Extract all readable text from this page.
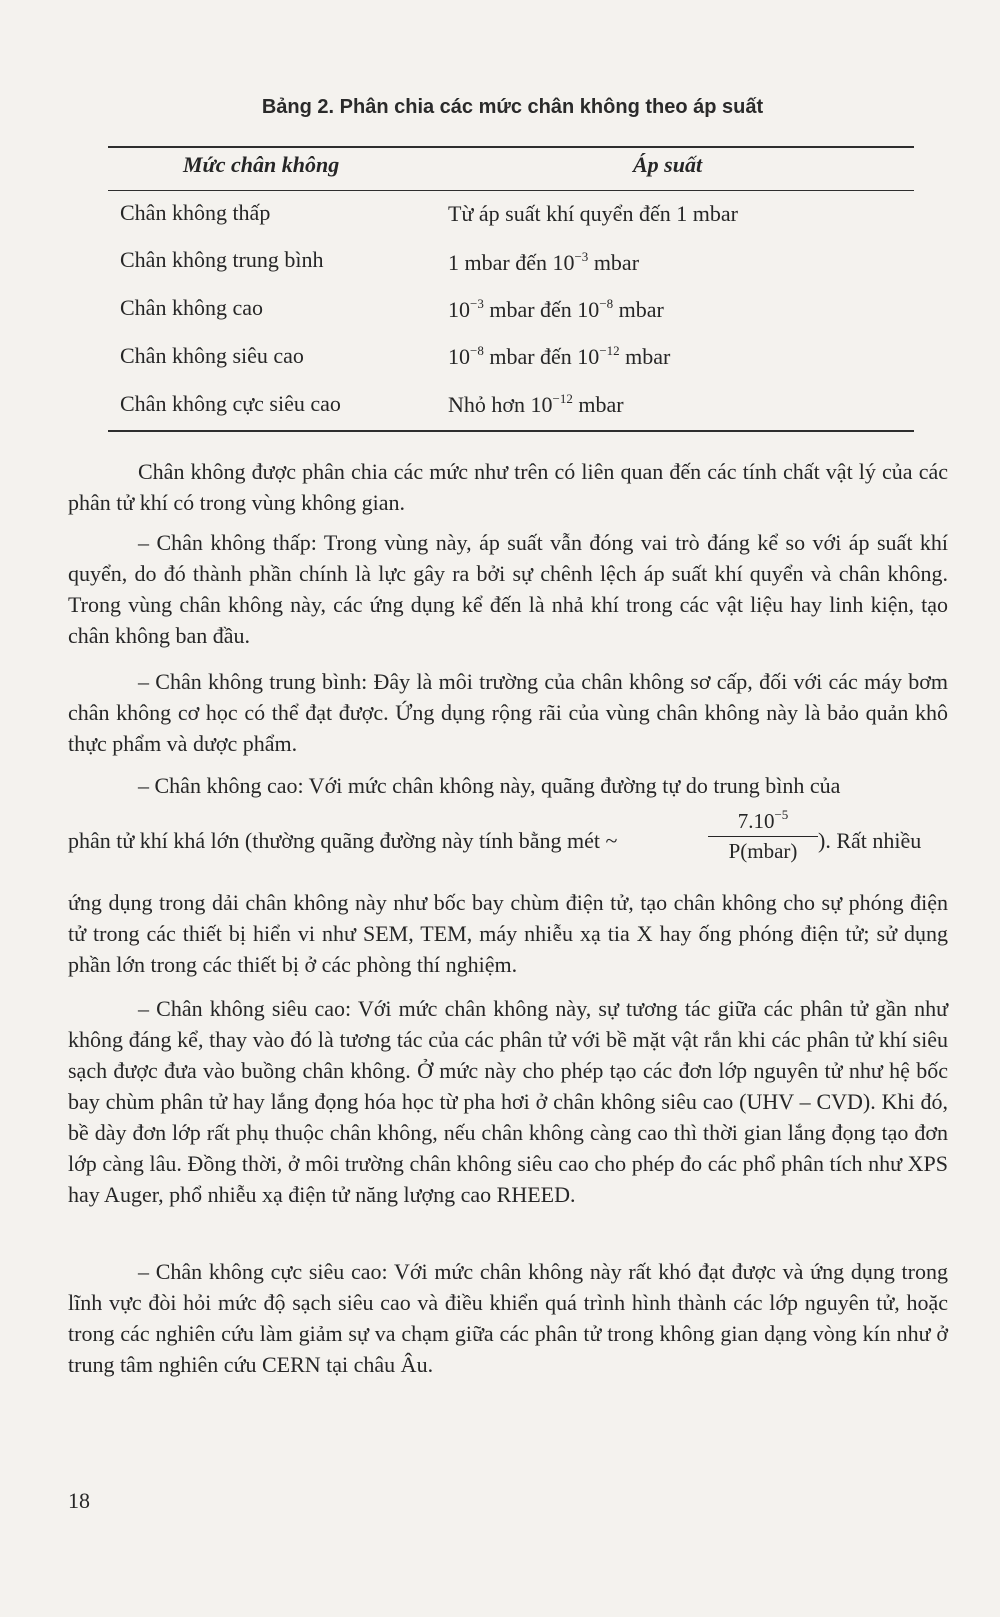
Bảng 2. Phân chia các mức chân không theo áp suất
Mức chân không	Áp suất
Chân không thấp	Từ áp suất khí quyển đến 1 mbar
Chân không trung bình	1 mbar đến $10^{-3}$ mbar
Chân không cao	$10^{-3}$ mbar đến $10^{-8}$ mbar
Chân không siêu cao	$10^{-8}$ mbar đến $10^{-12}$ mbar
Chân không cực siêu cao	Nhỏ hơn $10^{-12}$ mbar

Chân không được phân chia các mức như trên có liên quan đến các tính chất vật lý của các phân tử khí có trong vùng không gian.

– Chân không thấp: Trong vùng này, áp suất vẫn đóng vai trò đáng kể so với áp suất khí quyển, do đó thành phần chính là lực gây ra bởi sự chênh lệch áp suất khí quyển và chân không. Trong vùng chân không này, các ứng dụng kể đến là nhả khí trong các vật liệu hay linh kiện, tạo chân không ban đầu.

– Chân không trung bình: Đây là môi trường của chân không sơ cấp, đối với các máy bơm chân không cơ học có thể đạt được. Ứng dụng rộng rãi của vùng chân không này là bảo quản khô thực phẩm và dược phẩm.

– Chân không cao: Với mức chân không này, quãng đường tự do trung bình của

phân tử khí khá lớn (thường quãng đường này tính bằng mét ~
$7.10^{-5}$
P(mbar) ). Rất nhiều

ứng dụng trong dải chân không này như bốc bay chùm điện tử, tạo chân không cho sự phóng điện tử trong các thiết bị hiển vi như SEM, TEM, máy nhiễu xạ tia X hay ống phóng điện tử; sử dụng phần lớn trong các thiết bị ở các phòng thí nghiệm.

– Chân không siêu cao: Với mức chân không này, sự tương tác giữa các phân tử gần như không đáng kể, thay vào đó là tương tác của các phân tử với bề mặt vật rắn khi các phân tử khí siêu sạch được đưa vào buồng chân không. Ở mức này cho phép tạo các đơn lớp nguyên tử như hệ bốc bay chùm phân tử hay lắng đọng hóa học từ pha hơi ở chân không siêu cao (UHV – CVD). Khi đó, bề dày đơn lớp rất phụ thuộc chân không, nếu chân không càng cao thì thời gian lắng đọng tạo đơn lớp càng lâu. Đồng thời, ở môi trường chân không siêu cao cho phép đo các phổ phân tích như XPS hay Auger, phổ nhiễu xạ điện tử năng lượng cao RHEED.

– Chân không cực siêu cao: Với mức chân không này rất khó đạt được và ứng dụng trong lĩnh vực đòi hỏi mức độ sạch siêu cao và điều khiển quá trình hình thành các lớp nguyên tử, hoặc trong các nghiên cứu làm giảm sự va chạm giữa các phân tử trong không gian dạng vòng kín như ở trung tâm nghiên cứu CERN tại châu Âu.

18
